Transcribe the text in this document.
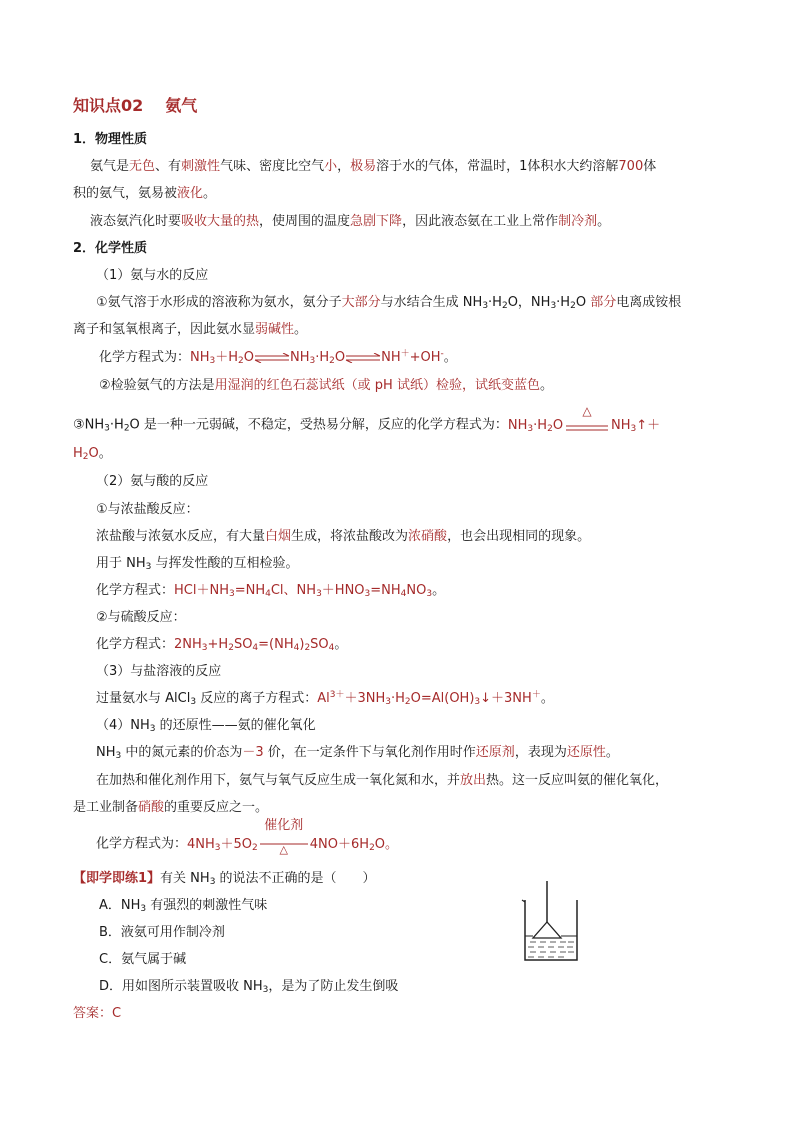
知识点02 氨气
1．物理性质
氨气是无色、有刺激性气味、密度比空气小，极易溶于水的气体，常温时，1体积水大约溶解700体
积的氨气，氨易被液化。
液态氨汽化时要吸收大量的热，使周围的温度急剧下降，因此液态氨在工业上常作制冷剂。
2．化学性质
（1）氨与水的反应
①氨气溶于水形成的溶液称为氨水，氨分子大部分与水结合生成 $NH_3\cdot H_2O$，$NH_3\cdot H_2O$ 部分电离成铵根
离子和氢氧根离子，因此氨水显弱碱性。
化学方程式为：$NH_3+H_2O\rightleftharpoons NH_3\cdot H_2O\rightleftharpoons NH^++OH^-$。
②检验氨气的方法是用湿润的红色石蕊试纸（或 pH 试纸）检验，试纸变蓝色。
$③NH_3\cdot H_2O$ 是一种一元弱碱，不稳定，受热易分解，反应的化学方程式为：$NH_3\cdot H_2O$
△
$NH_3↑+$
$H_2O$。
（2）氨与酸的反应
①与浓盐酸反应：
浓盐酸与浓氨水反应，有大量白烟生成，将浓盐酸改为浓硝酸，也会出现相同的现象。
用于 $NH_3$ 与挥发性酸的互相检验。
化学方程式：$HCl+NH_3=NH_4Cl$、$NH_3+HNO_3=NH_4NO_3$。
②与硫酸反应：
化学方程式：$2NH_3+H_2SO_4=(NH_4)_2SO_4$。
（3）与盐溶液的反应
过量氨水与 AlCl$_3$ 反应的离子方程式：$Al^{3+}+3NH_3\cdot H_2O=Al(OH)_3↓+3NH^+$。
$(4)NH_3$ 的还原性——氨的催化氧化
$NH_3$ 中的氮元素的价态为－3 价，在一定条件下与氧化剂作用时作还原剂，表现为还原性。
在加热和催化剂作用下，氨气与氧气反应生成一氧化氮和水，并放出热。这一反应叫氨的催化氧化，
是工业制备硝酸的重要反应之一。
化学方程式为：$4NH_3+5O_2$
催化剂
△	$4NO+6H_2O$。
【即学即练1】有关 $NH_3$ 的说法不正确的是（　　）
A．$NH_3$ 有强烈的刺激性气味
B．液氨可用作制冷剂
C．氨气属于碱
D．用如图所示装置吸收 $NH_3$，是为了防止发生倒吸
答案：C
